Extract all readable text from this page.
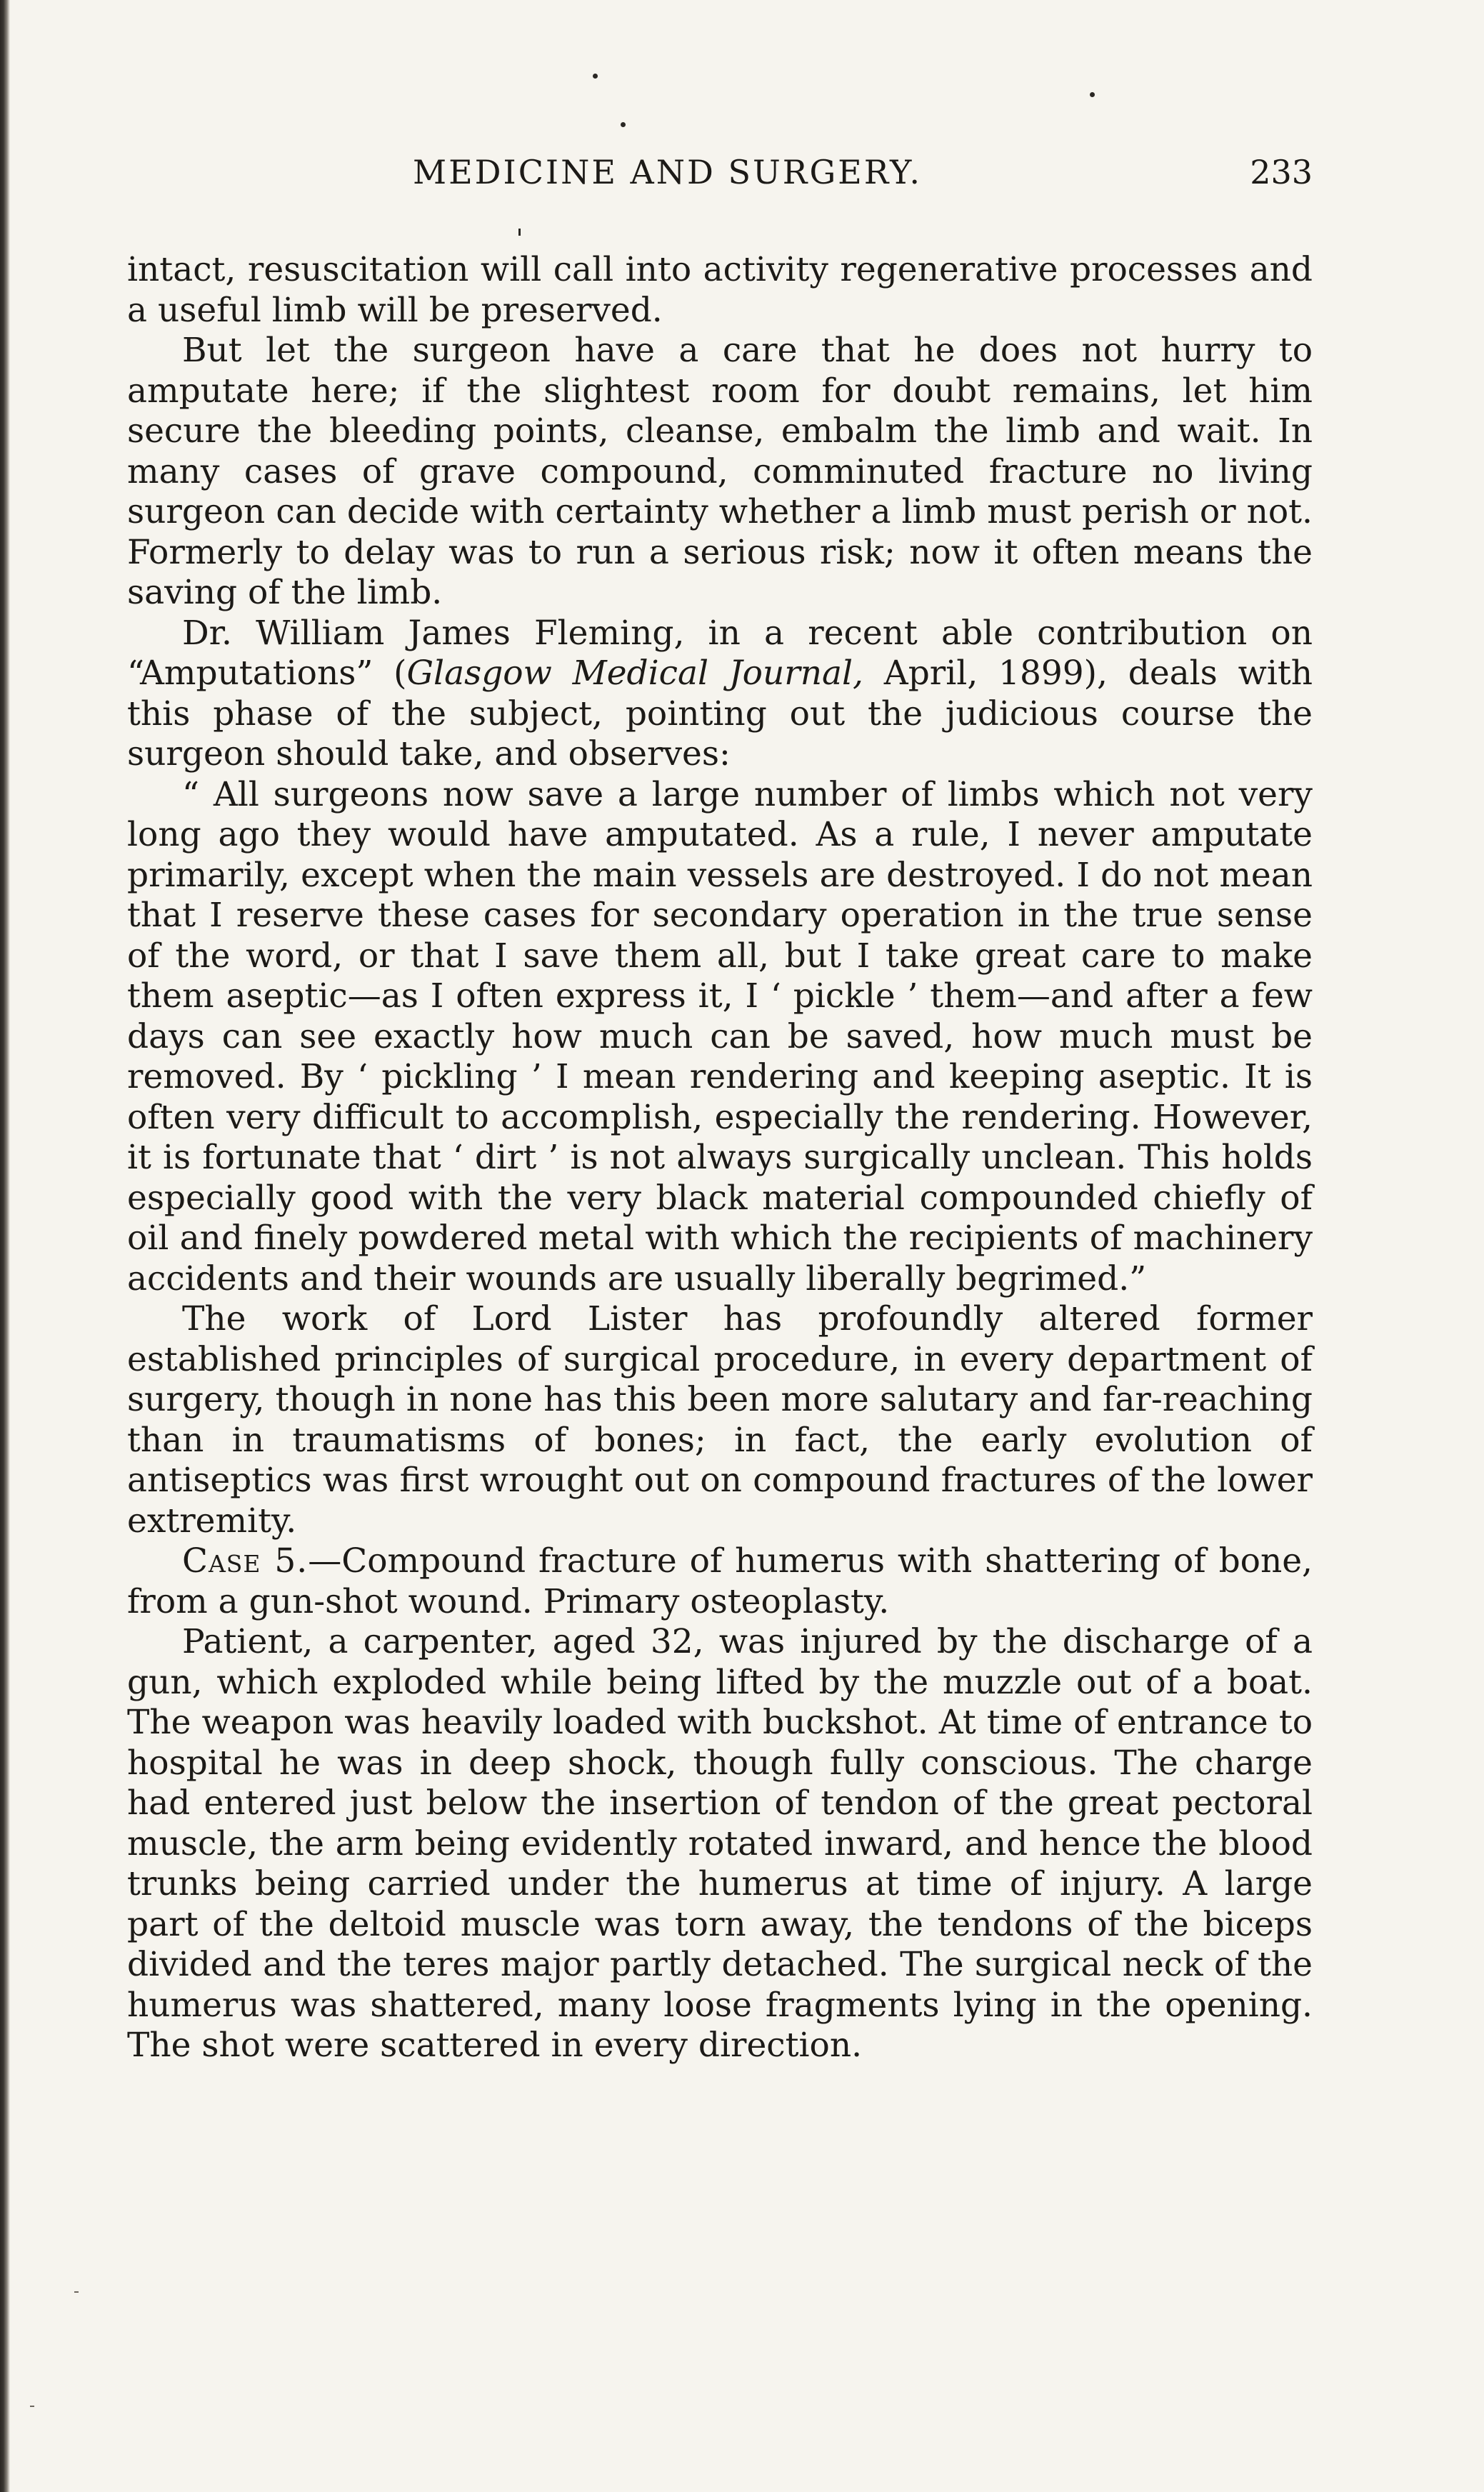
MEDICINE AND SURGERY.	233

intact, resuscitation will call into activity regenerative processes and a useful limb will be preserved.

But let the surgeon have a care that he does not hurry to amputate here; if the slightest room for doubt remains, let him secure the bleeding points, cleanse, embalm the limb and wait. In many cases of grave compound, comminuted fracture no living surgeon can decide with certainty whether a limb must perish or not. Formerly to delay was to run a serious risk; now it often means the saving of the limb.

Dr. William James Fleming, in a recent able contribution on “Amputations” (Glasgow Medical Journal, April, 1899), deals with this phase of the subject, pointing out the judicious course the surgeon should take, and observes:

“ All surgeons now save a large number of limbs which not very long ago they would have amputated. As a rule, I never amputate primarily, except when the main vessels are destroyed. I do not mean that I reserve these cases for secondary operation in the true sense of the word, or that I save them all, but I take great care to make them aseptic—as I often express it, I ‘ pickle ’ them—and after a few days can see exactly how much can be saved, how much must be removed. By ‘ pickling ’ I mean rendering and keeping aseptic. It is often very difficult to accomplish, especially the rendering. However, it is fortunate that ‘ dirt ’ is not always surgically unclean. This holds especially good with the very black material compounded chiefly of oil and finely powdered metal with which the recipients of machinery accidents and their wounds are usually liberally begrimed.”

The work of Lord Lister has profoundly altered former established principles of surgical procedure, in every department of surgery, though in none has this been more salutary and far-reaching than in traumatisms of bones; in fact, the early evolution of antiseptics was first wrought out on compound fractures of the lower extremity.

Case 5.—Compound fracture of humerus with shattering of bone, from a gun-shot wound. Primary osteoplasty.

Patient, a carpenter, aged 32, was injured by the discharge of a gun, which exploded while being lifted by the muzzle out of a boat. The weapon was heavily loaded with buckshot. At time of entrance to hospital he was in deep shock, though fully conscious. The charge had entered just below the insertion of tendon of the great pectoral muscle, the arm being evidently rotated inward, and hence the blood trunks being carried under the humerus at time of injury. A large part of the deltoid muscle was torn away, the tendons of the biceps divided and the teres major partly detached. The surgical neck of the humerus was shattered, many loose fragments lying in the opening. The shot were scattered in every direction.
